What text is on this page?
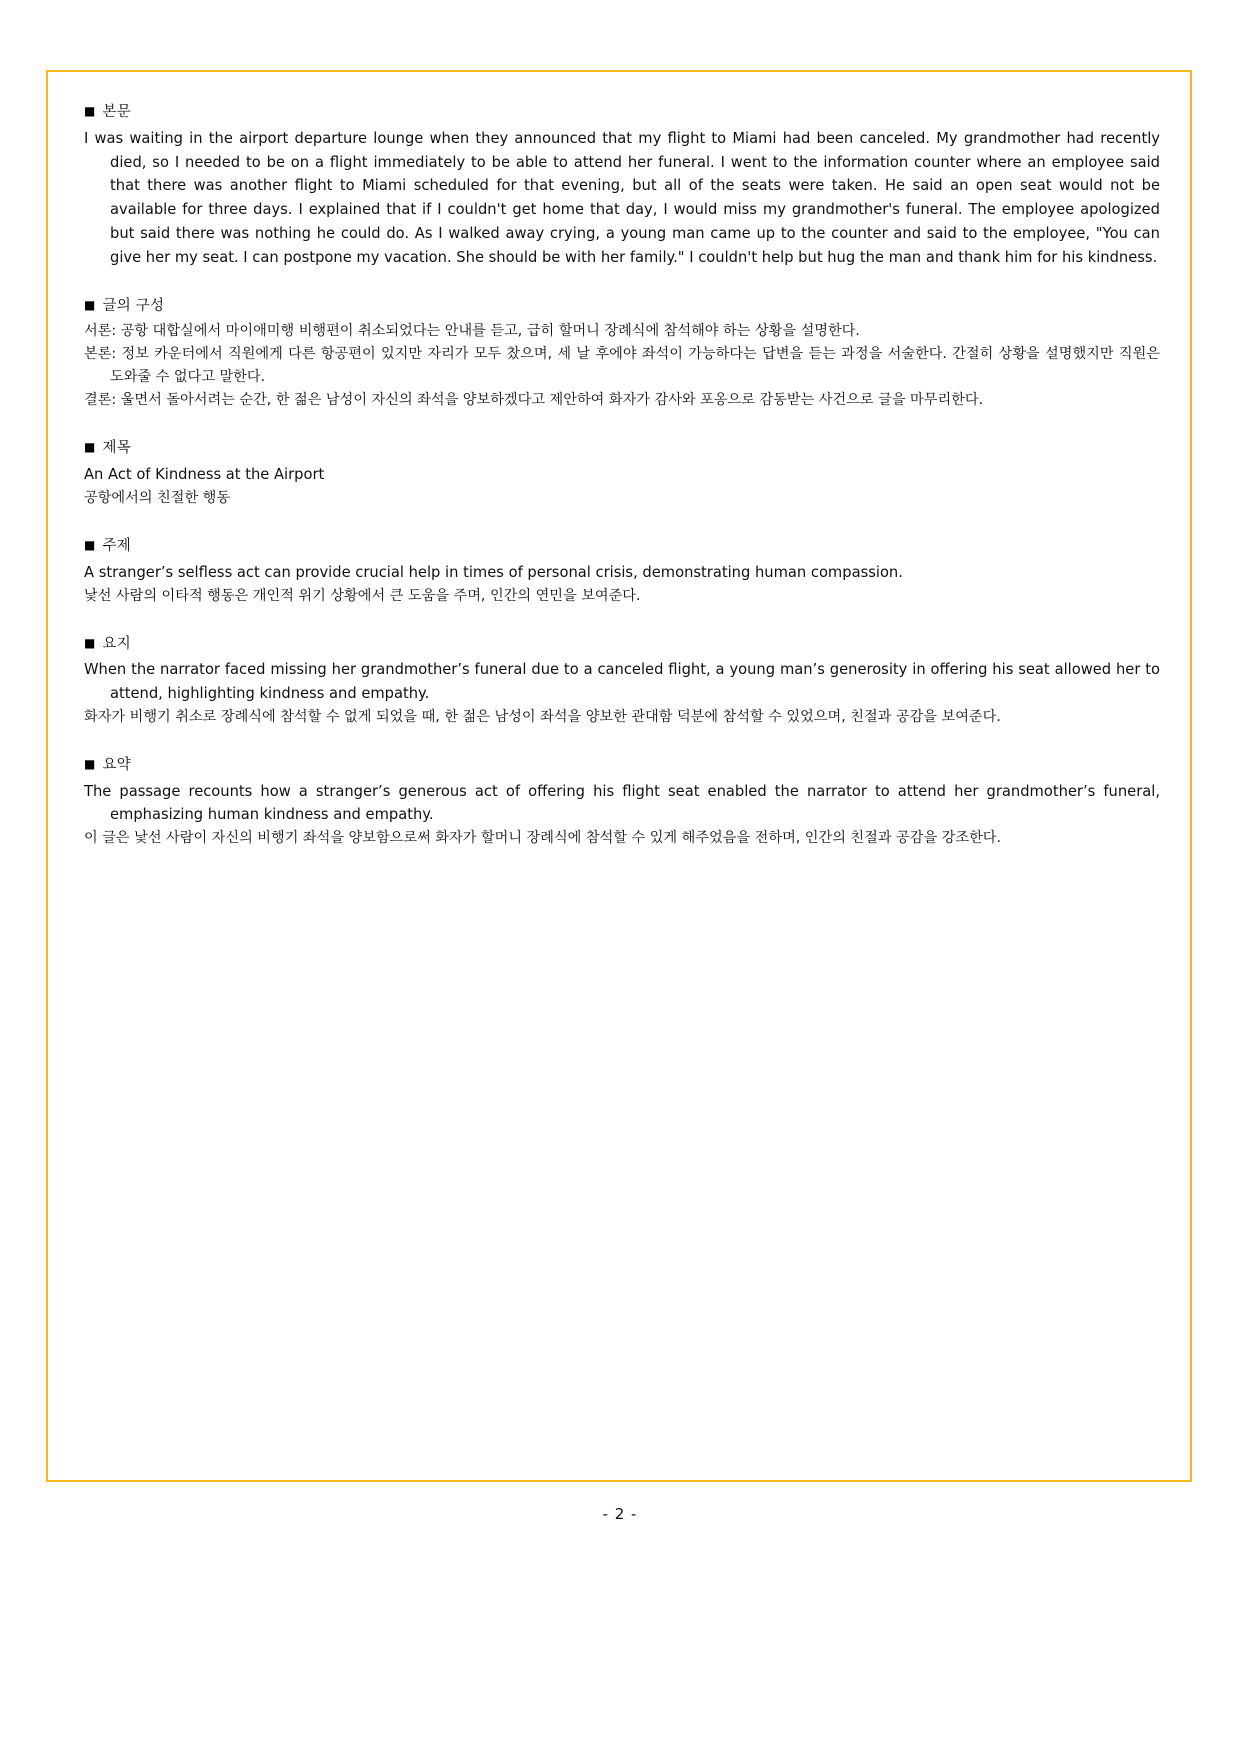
■ 본문

I was waiting in the airport departure lounge when they announced that my flight to Miami had been canceled. My grandmother had recently died, so I needed to be on a flight immediately to be able to attend her funeral. I went to the information counter where an employee said that there was another flight to Miami scheduled for that evening, but all of the seats were taken. He said an open seat would not be available for three days. I explained that if I couldn't get home that day, I would miss my grandmother's funeral. The employee apologized but said there was nothing he could do. As I walked away crying, a young man came up to the counter and said to the employee, "You can give her my seat. I can postpone my vacation. She should be with her family." I couldn't help but hug the man and thank him for his kindness.

■ 글의 구성

서론: 공항 대합실에서 마이애미행 비행편이 취소되었다는 안내를 듣고, 급히 할머니 장례식에 참석해야 하는 상황을 설명한다.

본론: 정보 카운터에서 직원에게 다른 항공편이 있지만 자리가 모두 찼으며, 세 날 후에야 좌석이 가능하다는 답변을 듣는 과정을 서술한다. 간절히 상황을 설명했지만 직원은 도와줄 수 없다고 말한다.

결론: 울면서 돌아서려는 순간, 한 젊은 남성이 자신의 좌석을 양보하겠다고 제안하여 화자가 감사와 포옹으로 감동받는 사건으로 글을 마무리한다.

■ 제목

An Act of Kindness at the Airport

공항에서의 친절한 행동

■ 주제

A stranger’s selfless act can provide crucial help in times of personal crisis, demonstrating human compassion.

낯선 사람의 이타적 행동은 개인적 위기 상황에서 큰 도움을 주며, 인간의 연민을 보여준다.

■ 요지

When the narrator faced missing her grandmother’s funeral due to a canceled flight, a young man’s generosity in offering his seat allowed her to attend, highlighting kindness and empathy.

화자가 비행기 취소로 장례식에 참석할 수 없게 되었을 때, 한 젊은 남성이 좌석을 양보한 관대함 덕분에 참석할 수 있었으며, 친절과 공감을 보여준다.

■ 요약

The passage recounts how a stranger’s generous act of offering his flight seat enabled the narrator to attend her grandmother’s funeral, emphasizing human kindness and empathy.

이 글은 낯선 사람이 자신의 비행기 좌석을 양보함으로써 화자가 할머니 장례식에 참석할 수 있게 해주었음을 전하며, 인간의 친절과 공감을 강조한다.

- 2 -
